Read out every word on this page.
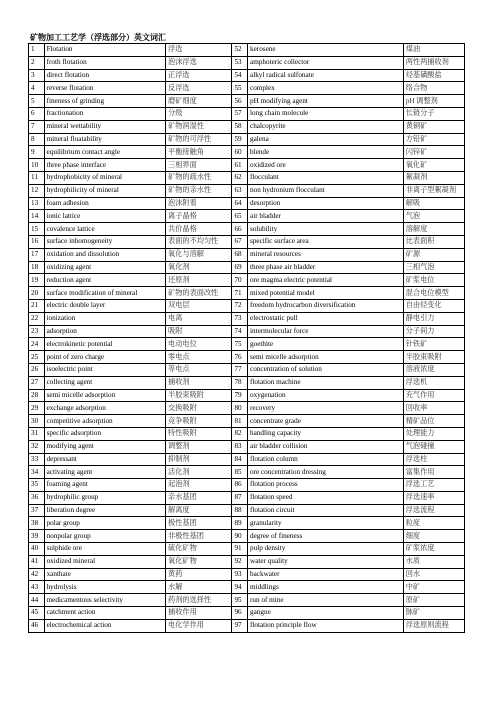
矿物加工工艺学（浮选部分）英文词汇
1	Flotation	浮选	52	kerosene	煤油
2	froth flotation	泡沫浮选	53	amphoteric collector	两性两捕收剂
3	direct flotation	正浮选	54	alkyl radical sulfonate	烃基磺酸盐
4	reverse flotation	反浮选	55	complex	络合物
5	fineness of grinding	磨矿细度	56	pH modifying agent	pH 调整剂
6	fractionation	分级	57	long chain molecule	长链分子
7	mineral wettability	矿物润湿性	58	chalcopyrite	黄铜矿
8	mineral floatability	矿物的可浮性	59	galena	方铅矿
9	equilibrium contact angle	平衡接触角	60	blende	闪锌矿
10	three phase interface	三相界面	61	oxidized ore	氧化矿
11	hydrophobicity of mineral	矿物的疏水性	62	flocculant	絮凝剂
12	hydrophilicity of mineral	矿物的亲水性	63	non hydronium flocculant	非离子型絮凝剂
13	foam adhesion	泡沫附着	64	desorption	解吸
14	ionic lattice	离子晶格	65	air bladder	气泡
15	covalence lattice	共价晶格	66	solubility	溶解度
16	surface inhomogeneity	表面的不均匀性	67	specific surface area	比表面积
17	oxidation and dissolution	氧化与溶解	68	mineral resources	矿源
18	oxidizing agent	氧化剂	69	three phase air bladder	三相气泡
19	reduction agent	还原剂	70	ore magma electric potential	矿浆电位
20	surface modification of mineral	矿物的表面改性	71	mixed potential model	混合电位模型
21	electric double layer	双电层	72	freedom hydrocarbon diversification	自由烃变化
22	ionization	电离	73	electrostatic pull	静电引力
23	adsorption	吸附	74	intermolecular force	分子间力
24	electrokinetic potential	电动电位	75	goethite	针铁矿
25	point of zero charge	零电点	76	semi micelle adsorption	半胶束吸附
26	isoelectric point	等电点	77	concentration of solution	溶液浓度
27	collecting agent	捕收剂	78	flotation machine	浮选机
28	semi micelle adsorption	半胶束吸附	79	oxygenation	充气作用
29	exchange adsorption	交换吸附	80	recovery	回收率
30	competitive adsorption	竞争吸附	81	concentrate grade	精矿品位
31	specific adsorption	特性吸附	82	handling capacity	处理能力
32	modifying agent	调整剂	83	air bladder collision	气泡碰撞
33	depressant	抑制剂	84	flotation column	浮选柱
34	activating agent	活化剂	85	ore concentration dressing	富集作用
35	foaming agent	起泡剂	86	flotation process	浮选工艺
36	hydrophilic group	亲水基团	87	flotation speed	浮选速率
37	liberation degree	解离度	88	flotation circuit	浮选流程
38	polar group	极性基团	89	granularity	粒度
39	nonpolar group	非极性基团	90	degree of fineness	细度
40	sulphide ore	硫化矿物	91	pulp density	矿浆浓度
41	oxidized mineral	氧化矿物	92	water quality	水质
42	xanthate	黄药	93	backwater	回水
43	hydrolysis	水解	94	middlings	中矿
44	medicamentous selectivity	药剂的选择性	95	run of mine	原矿
45	catchment action	捕收作用	96	gangue	脉矿
46	electrochemical action	电化学作用	97	flotation principle flow	浮选原则流程
